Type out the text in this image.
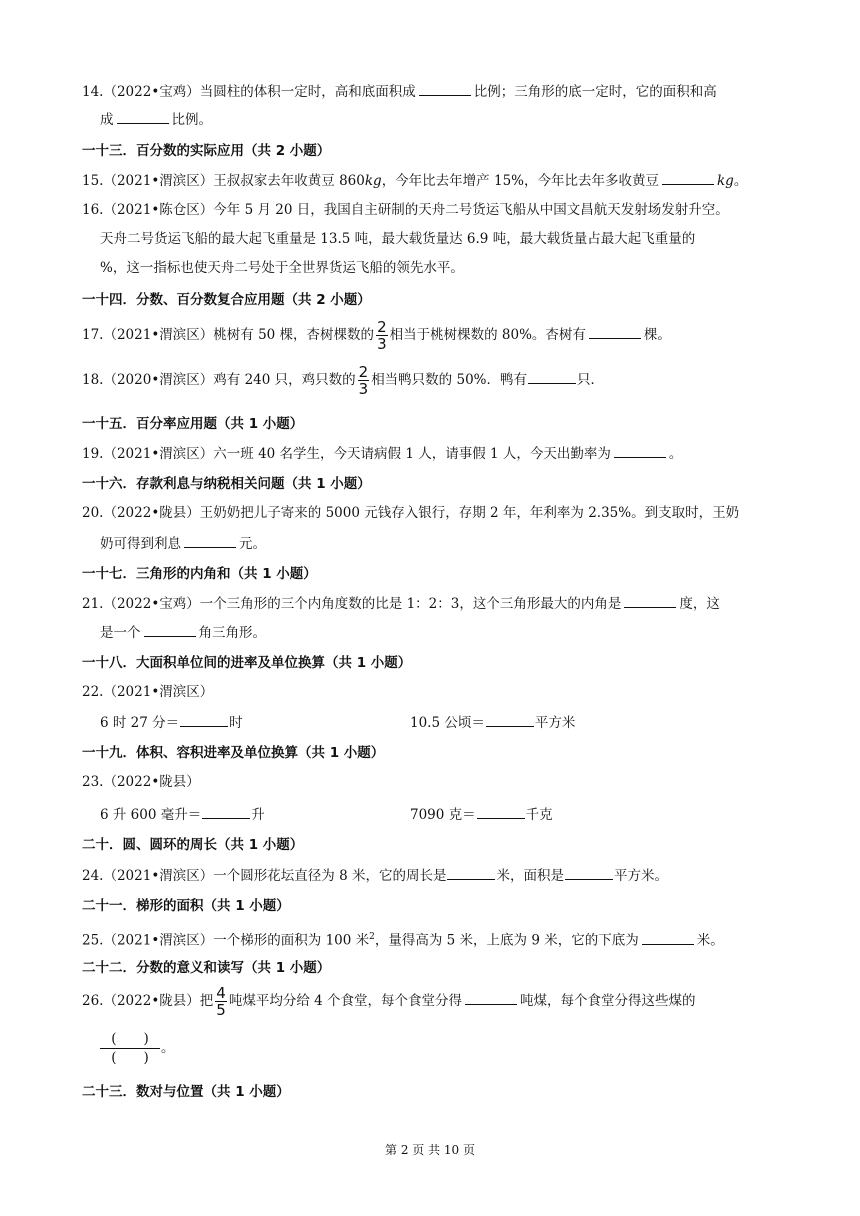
14.（2022•宝鸡）当圆柱的体积一定时，高和底面积成	比例；三角形的底一定时，它的面积和高
成	比例。
一十三．百分数的实际应用（共 2 小题）
15.（2021•渭滨区）王叔叔家去年收黄豆 860kg，今年比去年增产 15%，今年比去年多收黄豆	kg。
16.（2021•陈仓区）今年 5 月 20 日，我国自主研制的天舟二号货运飞船从中国文昌航天发射场发射升空。
天舟二号货运飞船的最大起飞重量是 13.5 吨，最大载货量达 6.9 吨，最大载货量占最大起飞重量的
%，这一指标也使天舟二号处于全世界货运飞船的领先水平。
一十四．分数、百分数复合应用题（共 2 小题）
17.（2021•渭滨区）桃树有 50 棵，杏树棵数的 $\frac{2}{3}$ 相当于桃树棵数的 80%。杏树有	棵。
18.（2020•渭滨区）鸡有 240 只，鸡只数的 $\frac{2}{3}$ 相当鸭只数的 50%．鸭有	只．
一十五．百分率应用题（共 1 小题）
19.（2021•渭滨区）六一班 40 名学生，今天请病假 1 人，请事假 1 人，今天出勤率为	。
一十六．存款利息与纳税相关问题（共 1 小题）
20.（2022•陇县）王奶奶把儿子寄来的 5000 元钱存入银行，存期 2 年，年利率为 2.35%。到支取时，王奶
奶可得到利息	元。
一十七．三角形的内角和（共 1 小题）
21.（2022•宝鸡）一个三角形的三个内角度数的比是 1：2：3，这个三角形最大的内角是	度，这
是一个	角三角形。
一十八．大面积单位间的进率及单位换算（共 1 小题）
22.（2021•渭滨区）
6 时 27 分＝	时	10.5 公顷＝	平方米
一十九．体积、容积进率及单位换算（共 1 小题）
23.（2022•陇县）
6 升 600 毫升＝	升	7090 克＝	千克
二十．圆、圆环的周长（共 1 小题）
24.（2021•渭滨区）一个圆形花坛直径为 8 米，它的周长是	米，面积是	平方米。
二十一．梯形的面积（共 1 小题）
25.（2021•渭滨区）一个梯形的面积为 100 米$^2$，量得高为 5 米，上底为 9 米，它的下底为	米。
二十二．分数的意义和读写（共 1 小题）
26.（2022•陇县）把 $\frac{4}{5}$ 吨煤平均分给 4 个食堂，每个食堂分得	吨煤，每个食堂分得这些煤的
(　　)
(　　)
。
二十三．数对与位置（共 1 小题）
第 2 页 共 10 页
